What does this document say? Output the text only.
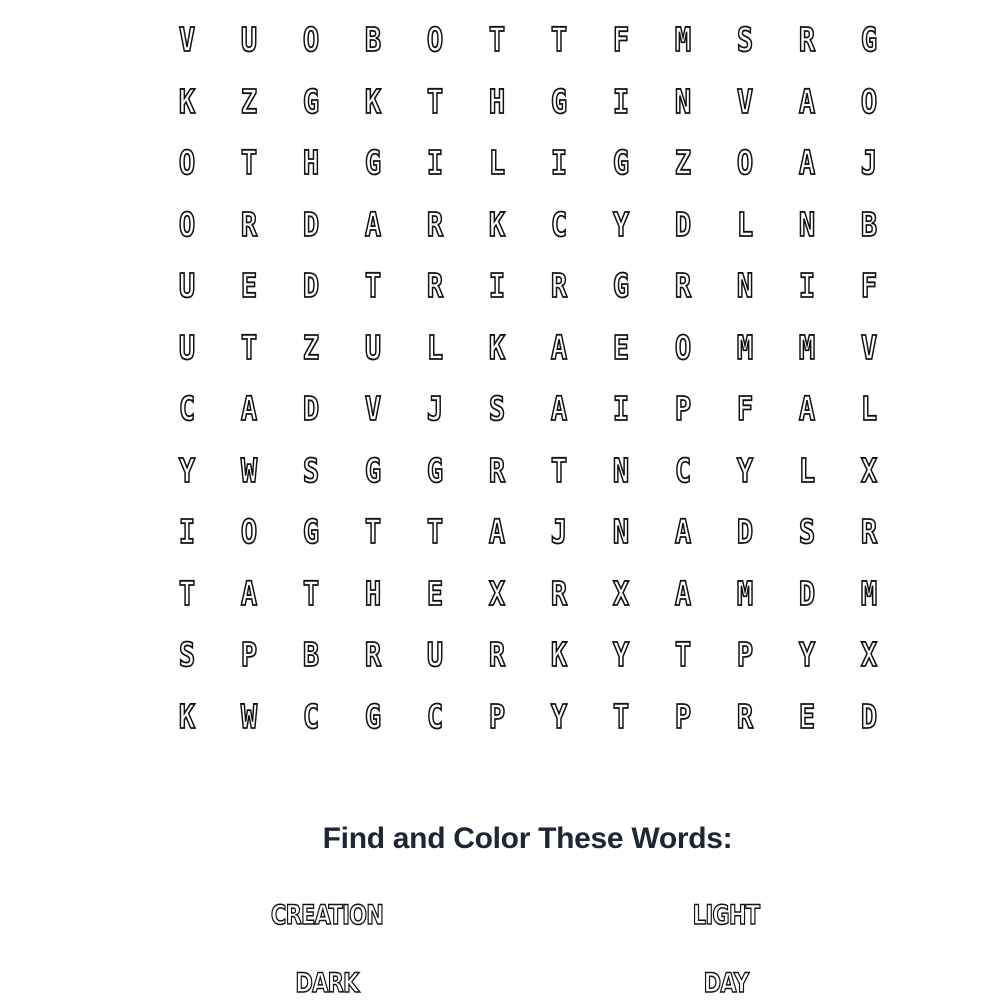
V	U	O	B	O	T	T	F	M	S	R	G
K	Z	G	K	T	H	G	I	N	V	A	O
O	T	H	G	I	L	I	G	Z	O	A	J
O	R	D	A	R	K	C	Y	D	L	N	B
U	E	D	T	R	I	R	G	R	N	I	F
U	T	Z	U	L	K	A	E	O	M	M	V
C	A	D	V	J	S	A	I	P	F	A	L
Y	W	S	G	G	R	T	N	C	Y	L	X
I	O	G	T	T	A	J	N	A	D	S	R
T	A	T	H	E	X	R	X	A	M	D	M
S	P	B	R	U	R	K	Y	T	P	Y	X
K	W	C	G	C	P	Y	T	P	R	E	D
Find and Color These Words:
CREATION	LIGHT
DARK	DAY
